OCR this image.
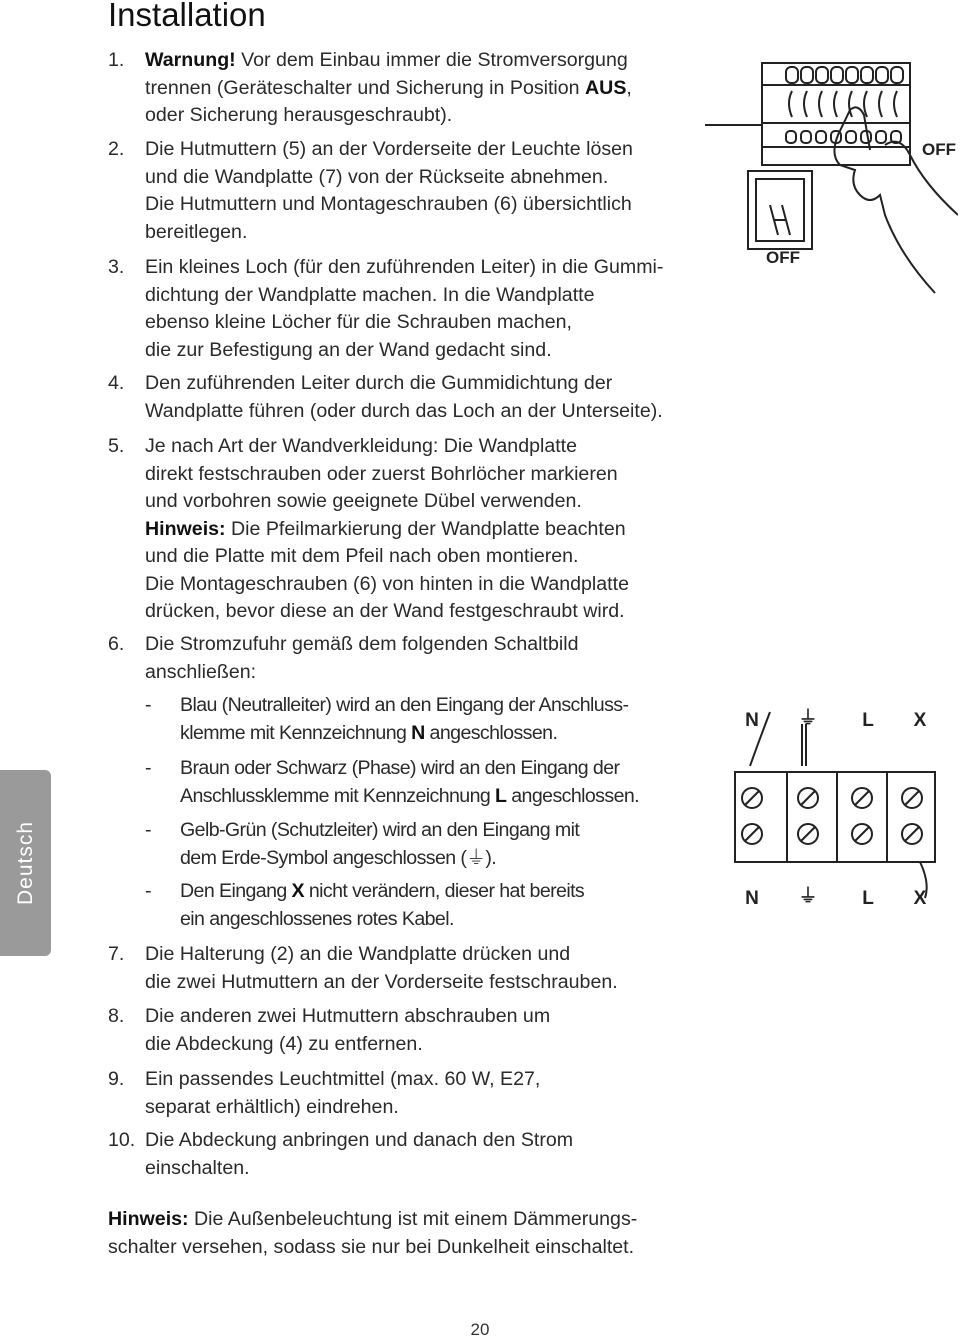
Installation
1. Warnung! Vor dem Einbau immer die Stromversorgung
trennen (Geräteschalter und Sicherung in Position AUS,
oder Sicherung herausgeschraubt).
2. Die Hutmuttern (5) an der Vorderseite der Leuchte lösen
und die Wandplatte (7) von der Rückseite abnehmen.
Die Hutmuttern und Montageschrauben (6) übersichtlich
bereitlegen.
3. Ein kleines Loch (für den zuführenden Leiter) in die Gummi-
dichtung der Wandplatte machen. In die Wandplatte
ebenso kleine Löcher für die Schrauben machen,
die zur Befestigung an der Wand gedacht sind.
4. Den zuführenden Leiter durch die Gummidichtung der
Wandplatte führen (oder durch das Loch an der Unterseite).
5. Je nach Art der Wandverkleidung: Die Wandplatte
direkt festschrauben oder zuerst Bohrlöcher markieren
und vorbohren sowie geeignete Dübel verwenden.
Hinweis: Die Pfeilmarkierung der Wandplatte beachten
und die Platte mit dem Pfeil nach oben montieren.
Die Montageschrauben (6) von hinten in die Wandplatte
drücken, bevor diese an der Wand festgeschraubt wird.
6. Die Stromzufuhr gemäß dem folgenden Schaltbild
anschließen:
7. Die Halterung (2) an die Wandplatte drücken und
die zwei Hutmuttern an der Vorderseite festschrauben.
8. Die anderen zwei Hutmuttern abschrauben um
die Abdeckung (4) zu entfernen.
9. Ein passendes Leuchtmittel (max. 60 W, E27,
separat erhältlich) eindrehen.
10. Die Abdeckung anbringen und danach den Strom
einschalten.
- Blau (Neutralleiter) wird an den Eingang der Anschluss-
klemme mit Kennzeichnung N angeschlossen.
- Braun oder Schwarz (Phase) wird an den Eingang der
Anschlussklemme mit Kennzeichnung L angeschlossen.
- Gelb-Grün (Schutzleiter) wird an den Eingang mit
dem Erde-Symbol angeschlossen (⏚).
- Den Eingang X nicht verändern, dieser hat bereits
ein angeschlossenes rotes Kabel.
Hinweis: Die Außenbeleuchtung ist mit einem Dämmerungs-
schalter versehen, sodass sie nur bei Dunkelheit einschaltet.
Deutsch
20
OFF
OFF
N ⏚ L X
N ⏚ L X
